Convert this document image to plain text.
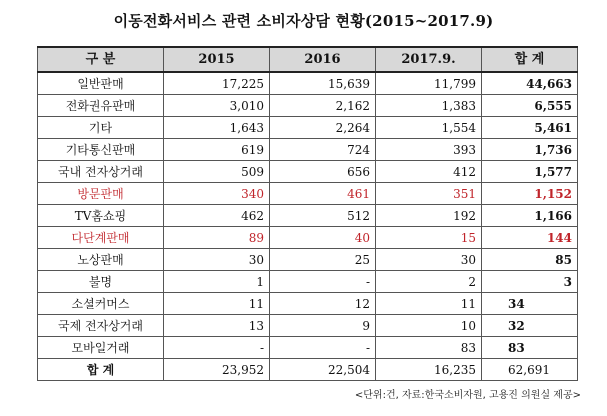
이동전화서비스 관련 소비자상담 현황(2015~2017.9)
구 분	2015	2016	2017.9.	합 계
일반판매	17,225	15,639	11,799	44,663
전화권유판매	3,010	2,162	1,383	6,555
기타	1,643	2,264	1,554	5,461
기타통신판매	619	724	393	1,736
국내 전자상거래	509	656	412	1,577
방문판매	340	461	351	1,152
TV홈쇼핑	462	512	192	1,166
다단계판매	89	40	15	144
노상판매	30	25	30	85
불명	1	-	2	3
소셜커머스	11	12	11	34
국제 전자상거래	13	9	10	32
모바일거래	-	-	83	83
합 계	23,952	22,504	16,235	62,691
<단위:건, 자료:한국소비자원, 고용진 의원실 제공>
